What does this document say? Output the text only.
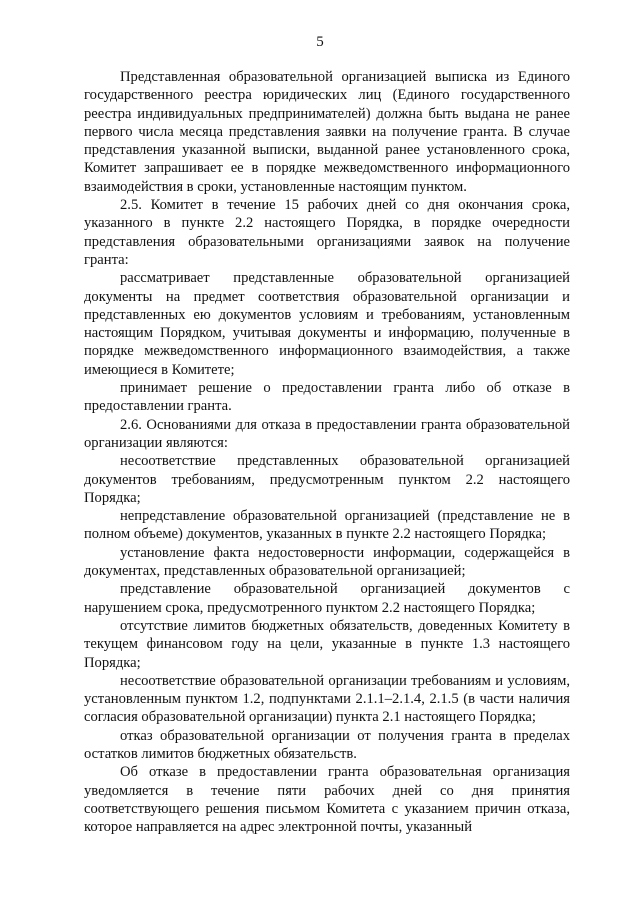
5

Представленная образовательной организацией выписка из Единого государственного реестра юридических лиц (Единого государственного реестра индивидуальных предпринимателей) должна быть выдана не ранее первого числа месяца представления заявки на получение гранта. В случае представления указанной выписки, выданной ранее установленного срока, Комитет запрашивает ее в порядке межведомственного информационного взаимодействия в сроки, установленные настоящим пунктом.

2.5. Комитет в течение 15 рабочих дней со дня окончания срока, указанного в пункте 2.2 настоящего Порядка, в порядке очередности представления образовательными организациями заявок на получение гранта:

рассматривает представленные образовательной организацией документы на предмет соответствия образовательной организации и представленных ею документов условиям и требованиям, установленным настоящим Порядком, учитывая документы и информацию, полученные в порядке межведомственного информационного взаимодействия, а также имеющиеся в Комитете;

принимает решение о предоставлении гранта либо об отказе в предоставлении гранта.

2.6. Основаниями для отказа в предоставлении гранта образовательной организации являются:

несоответствие представленных образовательной организацией документов требованиям, предусмотренным пунктом 2.2 настоящего Порядка;

непредставление образовательной организацией (представление не в полном объеме) документов, указанных в пункте 2.2 настоящего Порядка;

установление факта недостоверности информации, содержащейся в документах, представленных образовательной организацией;

представление образовательной организацией документов с нарушением срока, предусмотренного пунктом 2.2 настоящего Порядка;

отсутствие лимитов бюджетных обязательств, доведенных Комитету в текущем финансовом году на цели, указанные в пункте 1.3 настоящего Порядка;

несоответствие образовательной организации требованиям и условиям, установленным пунктом 1.2, подпунктами 2.1.1–2.1.4, 2.1.5 (в части наличия согласия образовательной организации) пункта 2.1 настоящего Порядка;

отказ образовательной организации от получения гранта в пределах остатков лимитов бюджетных обязательств.

Об отказе в предоставлении гранта образовательная организация уведомляется в течение пяти рабочих дней со дня принятия соответствующего решения письмом Комитета с указанием причин отказа, которое направляется на адрес электронной почты, указанный
